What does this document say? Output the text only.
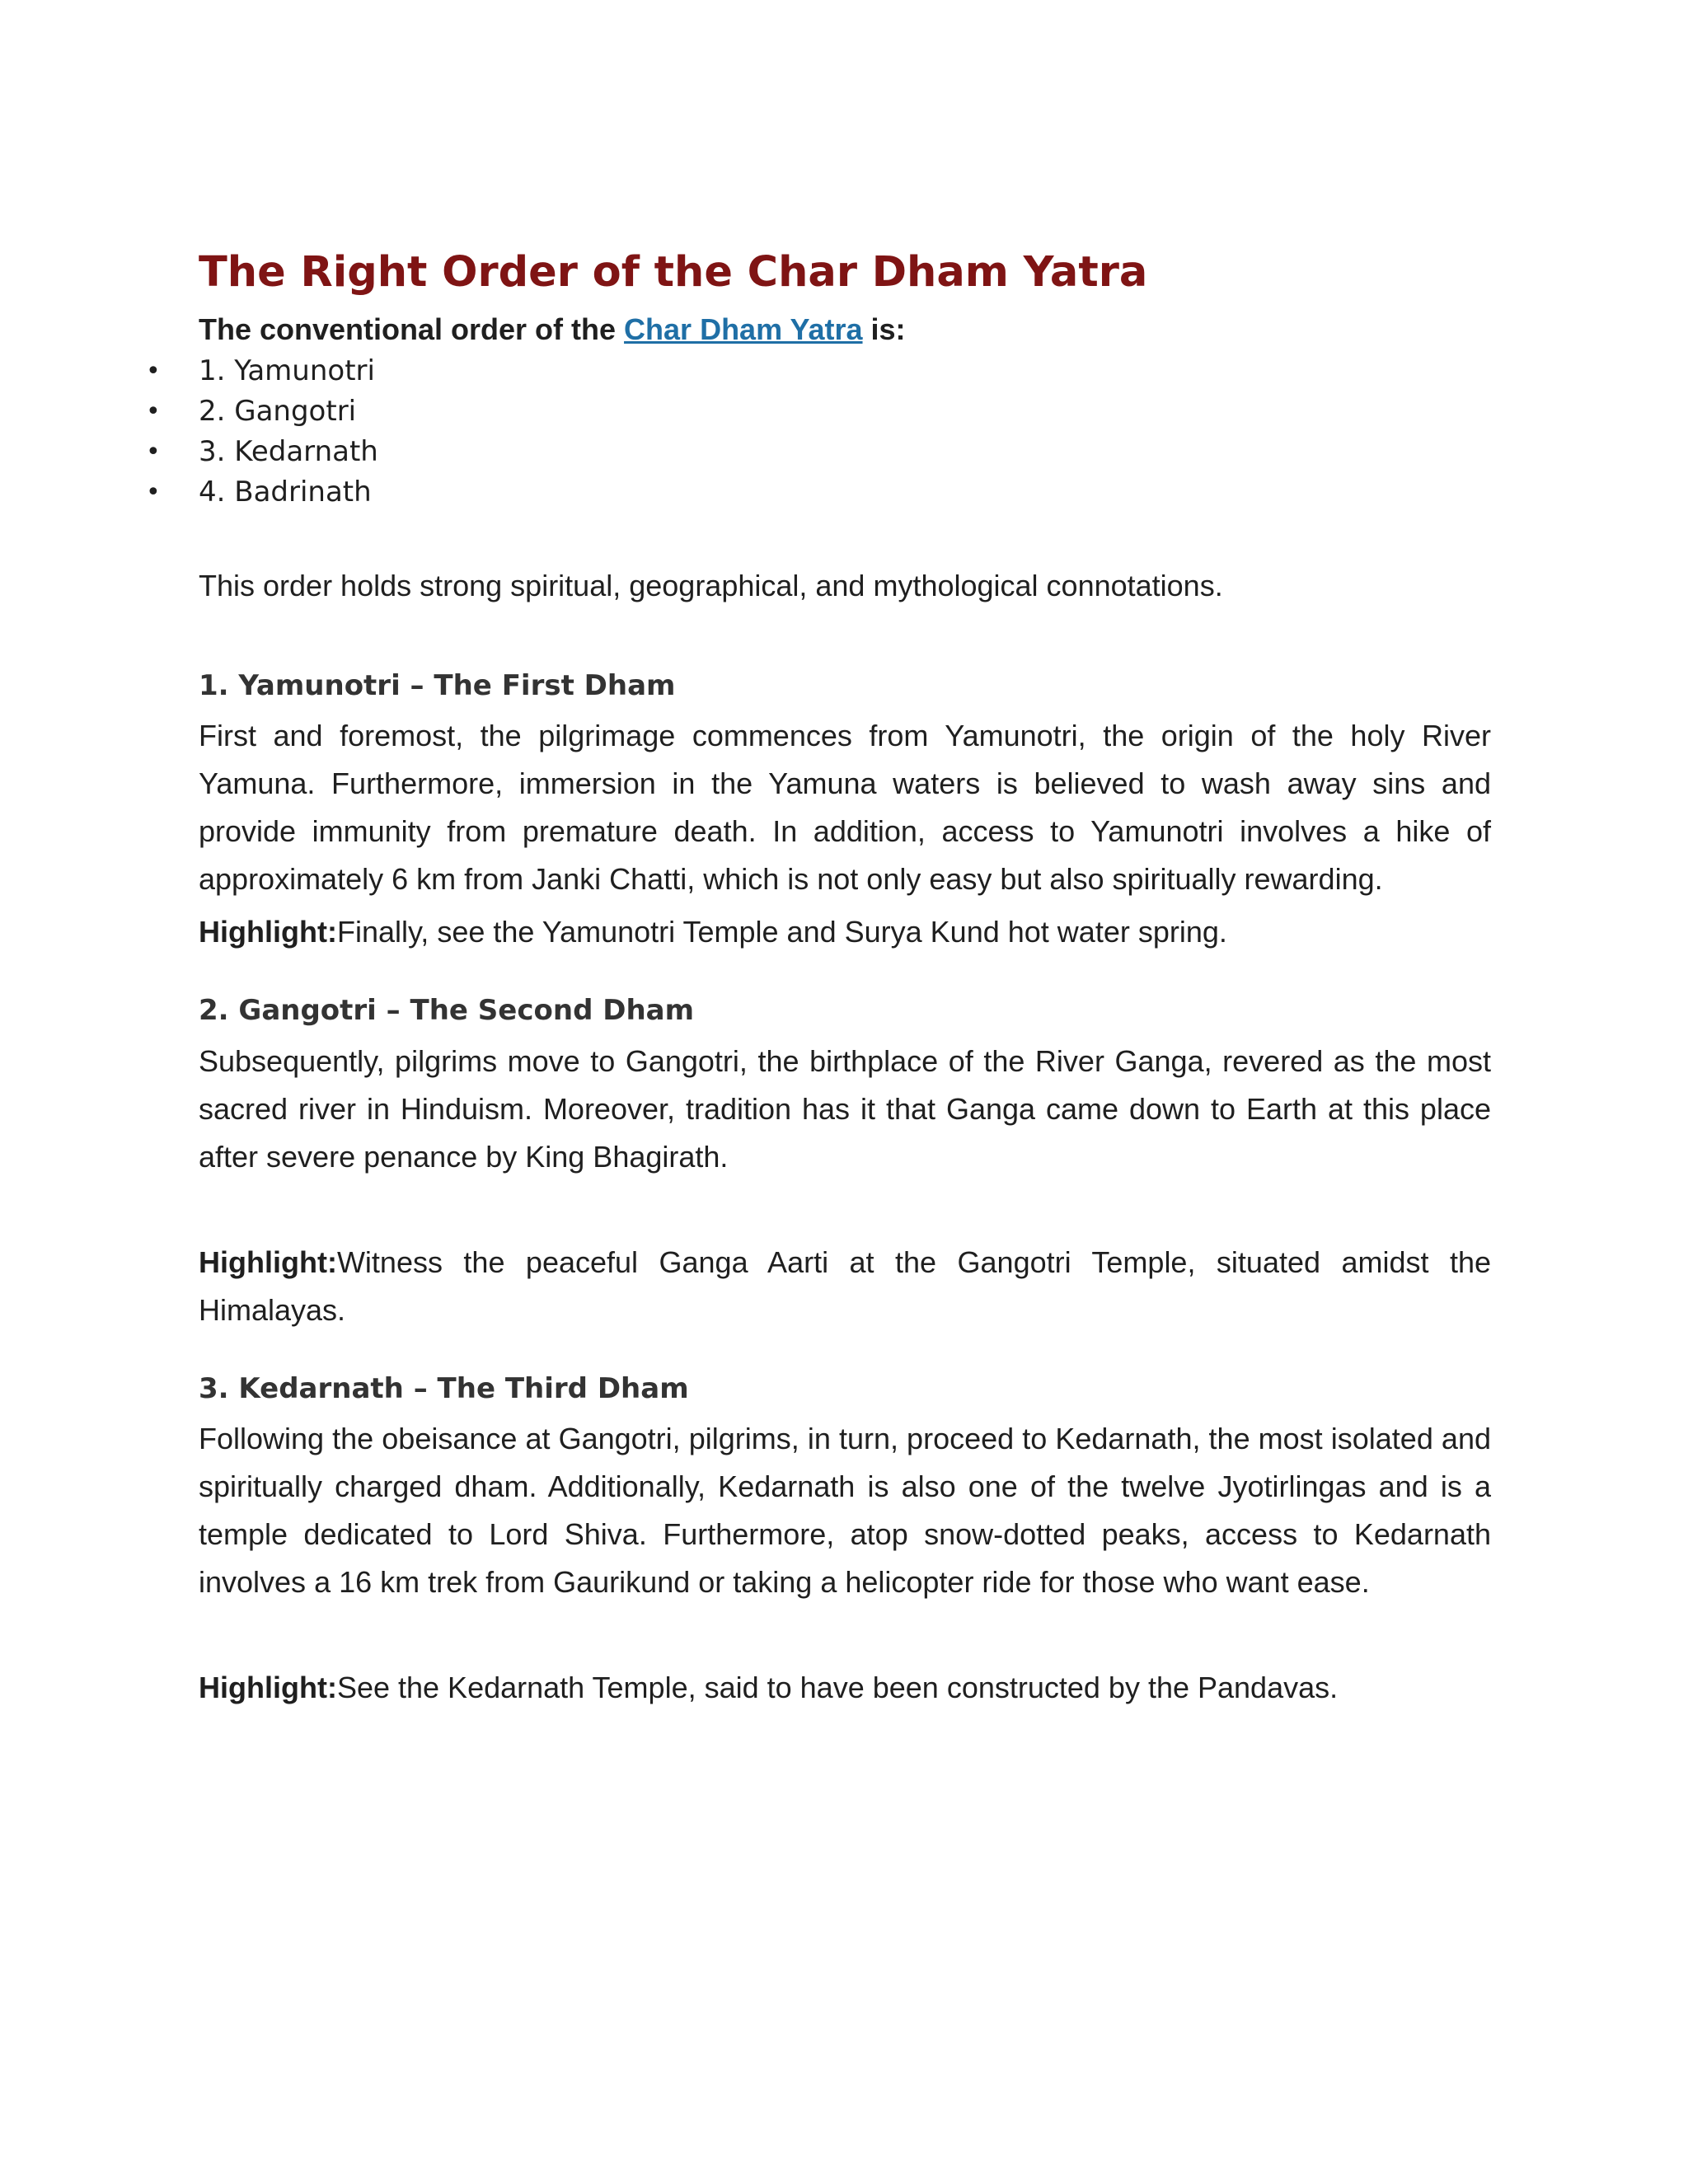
The Right Order of the Char Dham Yatra

The conventional order of the Char Dham Yatra is:

• 1. Yamunotri
• 2. Gangotri
• 3. Kedarnath
• 4. Badrinath

This order holds strong spiritual, geographical, and mythological connotations.

1. Yamunotri – The First Dham

First and foremost, the pilgrimage commences from Yamunotri, the origin of the holy River Yamuna. Furthermore, immersion in the Yamuna waters is believed to wash away sins and provide immunity from premature death. In addition, access to Yamunotri involves a hike of approximately 6 km from Janki Chatti, which is not only easy but also spiritually rewarding.

Highlight:Finally, see the Yamunotri Temple and Surya Kund hot water spring.

2. Gangotri – The Second Dham

Subsequently, pilgrims move to Gangotri, the birthplace of the River Ganga, revered as the most sacred river in Hinduism. Moreover, tradition has it that Ganga came down to Earth at this place after severe penance by King Bhagirath.

Highlight:Witness the peaceful Ganga Aarti at the Gangotri Temple, situated amidst the Himalayas.

3. Kedarnath – The Third Dham

Following the obeisance at Gangotri, pilgrims, in turn, proceed to Kedarnath, the most isolated and spiritually charged dham. Additionally, Kedarnath is also one of the twelve Jyotirlingas and is a temple dedicated to Lord Shiva. Furthermore, atop snow-dotted peaks, access to Kedarnath involves a 16 km trek from Gaurikund or taking a helicopter ride for those who want ease.

Highlight:See the Kedarnath Temple, said to have been constructed by the Pandavas.
